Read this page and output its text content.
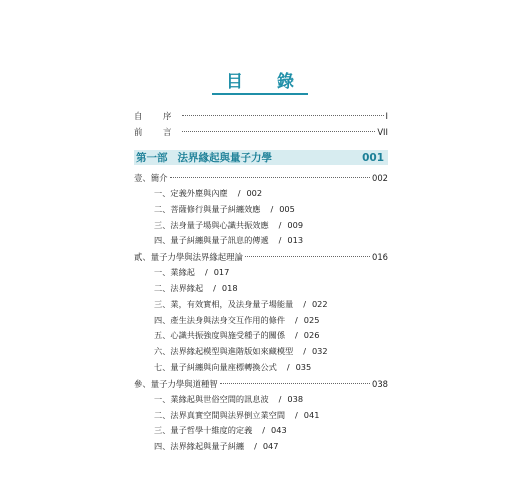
目 錄
自 序	I
前 言	VII
第一部 法界緣起與量子力學	001
壹、簡介	002
一、定義外塵與內塵 / 002
二、菩薩修行與量子糾纏效應 / 005
三、法身量子場與心識共振效應 / 009
四、量子糾纏與量子訊息的傳遞 / 013
貳、量子力學與法界緣起理論	016
一、業緣起 / 017
二、法界緣起 / 018
三、業，有效實相，及法身量子場能量 / 022
四、產生法身與法身交互作用的條件 / 025
五、心識共振強度與施受種子的關係 / 026
六、法界緣起模型與進階版如來藏模型 / 032
七、量子糾纏與向量座標轉換公式 / 035
參、量子力學與道種智	038
一、業緣起與世俗空間的訊息波 / 038
二、法界真實空間與法界倒立業空間 / 041
三、量子哲學十維度的定義 / 043
四、法界緣起與量子糾纏 / 047
